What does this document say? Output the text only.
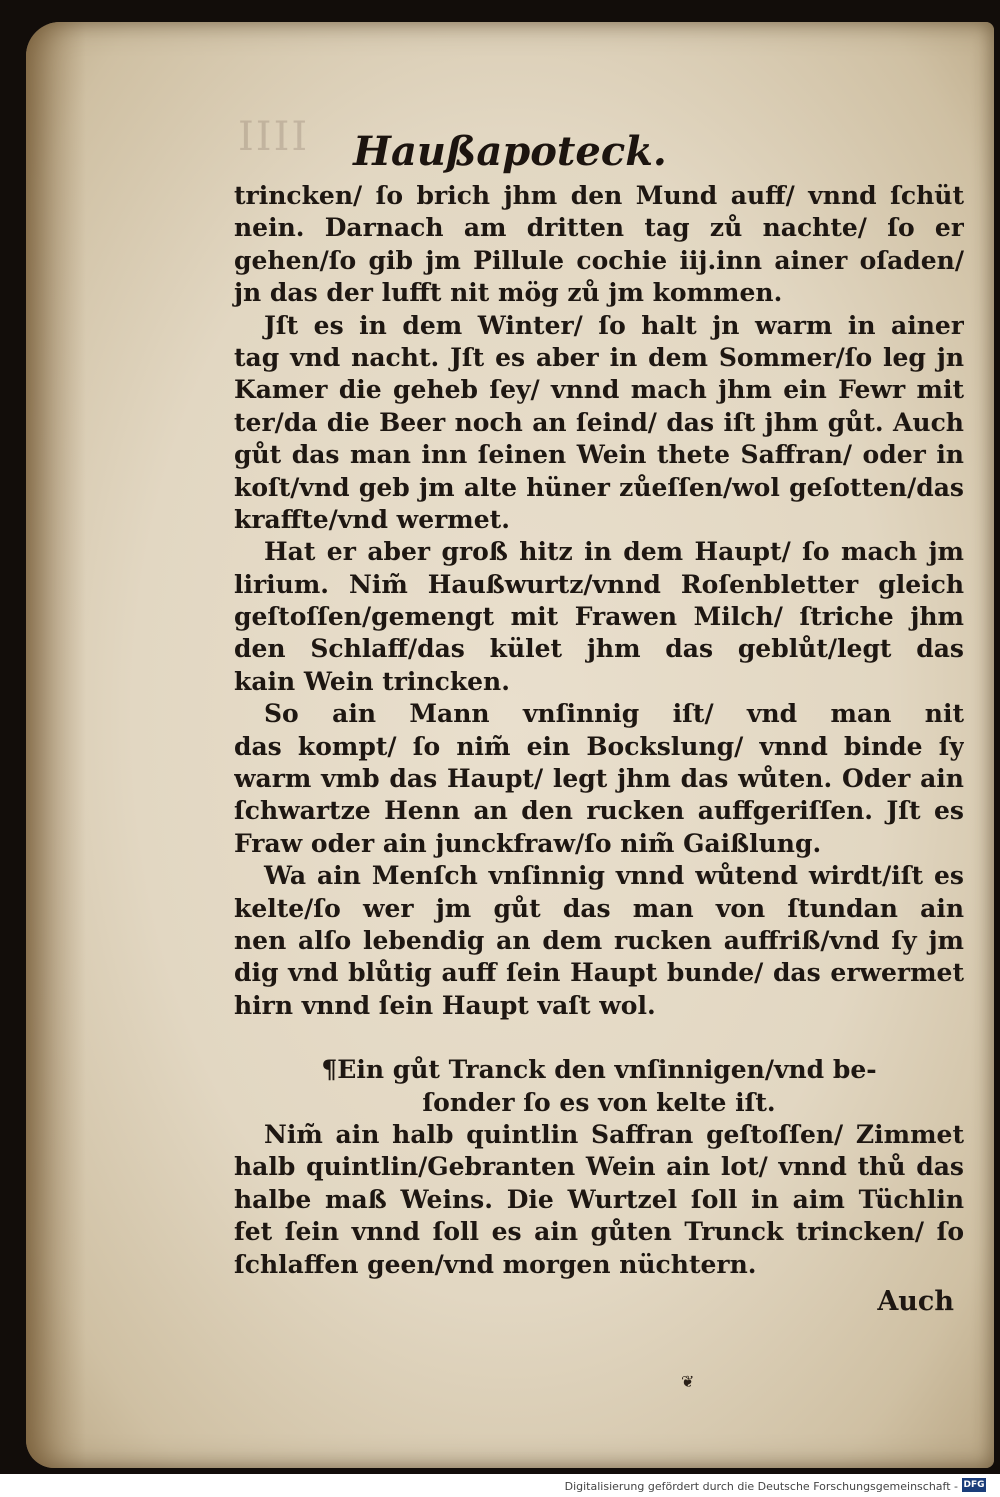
IIII	Haußapoteck.
trincken/ ſo brich jhm den Mund auff/ vnnd ſchüt
nein. Darnach am dritten tag zů nachte/ ſo er
gehen/ſo gib jm Pillule cochie iij.inn ainer oſaden/
jn das der lufft nit mög zů jm kommen.
Jſt es in dem Winter/ ſo halt jn warm in ainer
tag vnd nacht. Jſt es aber in dem Sommer/ſo leg jn
Kamer die geheb ſey/ vnnd mach jhm ein Fewr mit
ter/da die Beer noch an ſeind/ das iſt jhm gůt. Auch
gůt das man inn ſeinen Wein thete Saffran/ oder in
koſt/vnd geb jm alte hüner zůeſſen/wol geſotten/das
kraffte/vnd wermet.
Hat er aber groß hitz in dem Haupt/ ſo mach jm
lirium. Nim̃ Haußwurtz/vnnd Roſenbletter gleich
geſtoſſen/gemengt mit Frawen Milch/ ſtriche jhm
den Schlaff/das kület jhm das geblůt/legt das
kain Wein trincken.
So ain Mann vnſinnig iſt/ vnd man nit
das kompt/ ſo nim̃ ein Bockslung/ vnnd binde ſy
warm vmb das Haupt/ legt jhm das wůten. Oder ain
ſchwartze Henn an den rucken auffgeriſſen. Jſt es
Fraw oder ain junckfraw/ſo nim̃ Gaißlung.
Wa ain Menſch vnſinnig vnnd wůtend wirdt/iſt es
kelte/ſo wer jm gůt das man von ſtundan ain
nen alſo lebendig an dem rucken auffriß/vnd ſy jm
dig vnd blůtig auff ſein Haupt bunde/ das erwermet
hirn vnnd ſein Haupt vaſt wol.
¶Ein gůt Tranck den vnſinnigen/vnd be-
ſonder ſo es von kelte iſt.
Nim̃ ain halb quintlin Saffran geſtoſſen/ Zimmet
halb quintlin/Gebranten Wein ain lot/ vnnd thů das
halbe maß Weins. Die Wurtzel ſoll in aim Tüchlin
fet ſein vnnd ſoll es ain gůten Trunck trincken/ ſo
ſchlaffen geen/vnd morgen nüchtern.
Auch
❦
Digitalisierung gefördert durch die Deutsche Forschungsgemeinschaft - DFG
